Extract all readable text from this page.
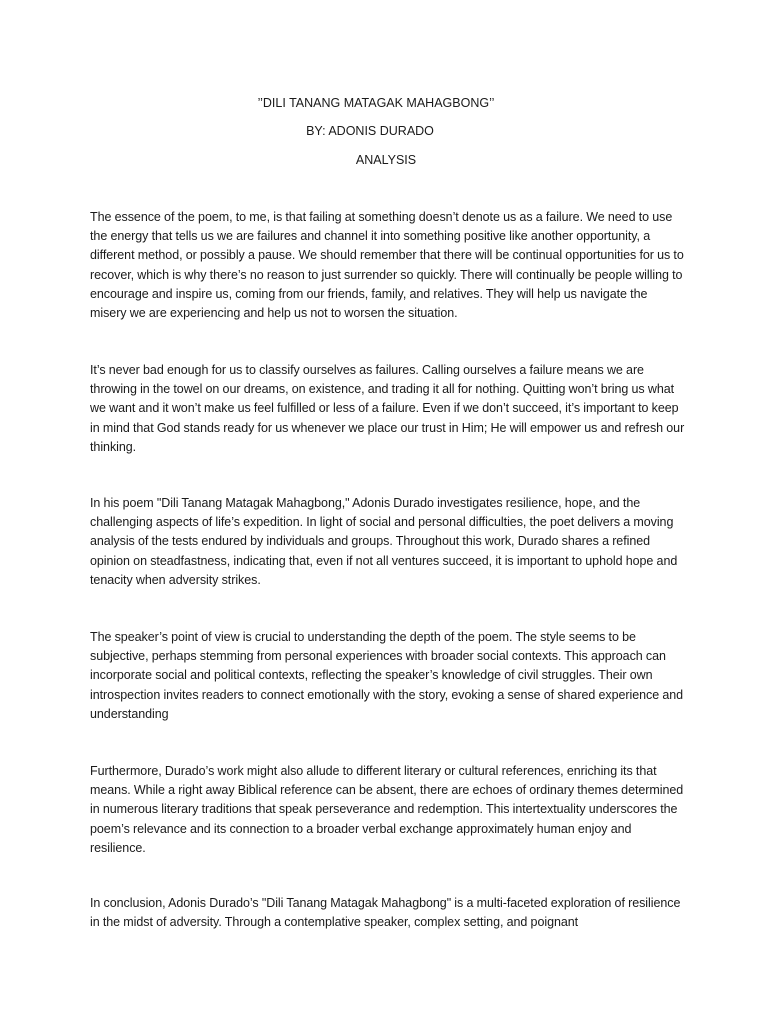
’’DILI TANANG MATAGAK MAHAGBONG’’
BY: ADONIS DURADO
ANALYSIS

The essence of the poem, to me, is that failing at something doesn’t denote us as a failure. We need to use the energy that tells us we are failures and channel it into something positive like another opportunity, a different method, or possibly a pause. We should remember that there will be continual opportunities for us to recover, which is why there’s no reason to just surrender so quickly. There will continually be people willing to encourage and inspire us, coming from our friends, family, and relatives. They will help us navigate the misery we are experiencing and help us not to worsen the situation.

It’s never bad enough for us to classify ourselves as failures. Calling ourselves a failure means we are throwing in the towel on our dreams, on existence, and trading it all for nothing. Quitting won’t bring us what we want and it won’t make us feel fulfilled or less of a failure. Even if we don’t succeed, it’s important to keep in mind that God stands ready for us whenever we place our trust in Him; He will empower us and refresh our thinking.

In his poem "Dili Tanang Matagak Mahagbong," Adonis Durado investigates resilience, hope, and the challenging aspects of life’s expedition. In light of social and personal difficulties, the poet delivers a moving analysis of the tests endured by individuals and groups. Throughout this work, Durado shares a refined opinion on steadfastness, indicating that, even if not all ventures succeed, it is important to uphold hope and tenacity when adversity strikes.

The speaker’s point of view is crucial to understanding the depth of the poem. The style seems to be subjective, perhaps stemming from personal experiences with broader social contexts. This approach can incorporate social and political contexts, reflecting the speaker’s knowledge of civil struggles. Their own introspection invites readers to connect emotionally with the story, evoking a sense of shared experience and understanding

Furthermore, Durado’s work might also allude to different literary or cultural references, enriching its that means. While a right away Biblical reference can be absent, there are echoes of ordinary themes determined in numerous literary traditions that speak perseverance and redemption. This intertextuality underscores the poem’s relevance and its connection to a broader verbal exchange approximately human enjoy and resilience.

In conclusion, Adonis Durado’s "Dili Tanang Matagak Mahagbong" is a multi-faceted exploration of resilience in the midst of adversity. Through a contemplative speaker, complex setting, and poignant
